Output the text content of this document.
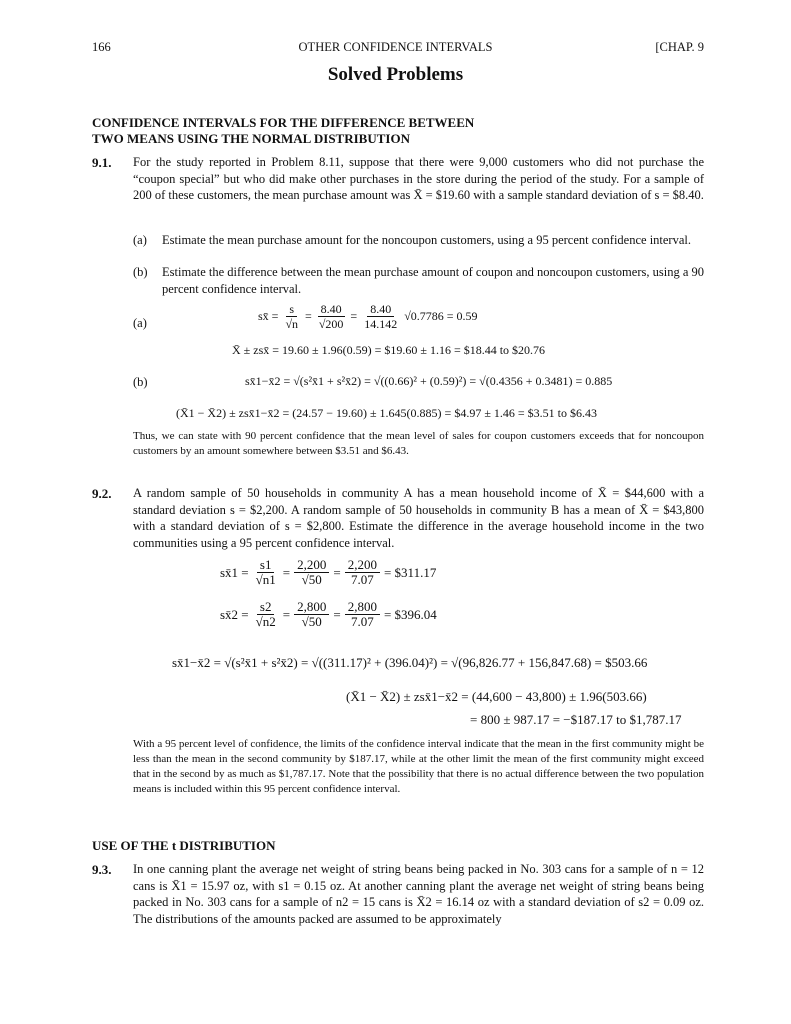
166	OTHER CONFIDENCE INTERVALS	[CHAP. 9
Solved Problems
CONFIDENCE INTERVALS FOR THE DIFFERENCE BETWEEN
TWO MEANS USING THE NORMAL DISTRIBUTION
9.1. For the study reported in Problem 8.11, suppose that there were 9,000 customers who did not purchase the “coupon special” but who did make other purchases in the store during the period of the study. For a sample of 200 of these customers, the mean purchase amount was X̄ = $19.60 with a sample standard deviation of s = $8.40.
(a) Estimate the mean purchase amount for the noncoupon customers, using a 95 percent confidence interval.
(b) Estimate the difference between the mean purchase amount of coupon and noncoupon customers, using a 90 percent confidence interval.
(a)	sx̄ = $\frac{s}{√n} = \frac{8.40}{√200} = \frac{8.40}{14.142} √0.7786 = 0.59$
X̄ ± zsx̄ = 19.60 ± 1.96(0.59) = $19.60 ± 1.16 = $18.44 to $20.76
(b)	sx̄1−x̄2 = √(s²x̄1 + s²x̄2) = √((0.66)² + (0.59)²) = √(0.4356 + 0.3481) = 0.885
(X̄1 − X̄2) ± zsx̄1−x̄2 = (24.57 − 19.60) ± 1.645(0.885) = $4.97 ± 1.46 = $3.51 to $6.43
Thus, we can state with 90 percent confidence that the mean level of sales for coupon customers exceeds that for noncoupon customers by an amount somewhere between $3.51 and $6.43.
9.2. A random sample of 50 households in community A has a mean household income of X̄ = $44,600 with a standard deviation s = $2,200. A random sample of 50 households in community B has a mean of X̄ = $43,800 with a standard deviation of s = $2,800. Estimate the difference in the average household income in the two communities using a 95 percent confidence interval.
sx̄1 = $\frac{s1}{√n1} = \frac{2,200}{√50} = \frac{2,200}{7.07}$ = $311.17
sx̄2 = $\frac{s2}{√n2} = \frac{2,800}{√50} = \frac{2,800}{7.07}$ = $396.04
sx̄1−x̄2 = √(s²x̄1 + s²x̄2) = √((311.17)² + (396.04)²) = √(96,826.77 + 156,847.68) = $503.66
(X̄1 − X̄2) ± zsx̄1−x̄2 = (44,600 − 43,800) ± 1.96(503.66)
= 800 ± 987.17 = −$187.17 to $1,787.17
With a 95 percent level of confidence, the limits of the confidence interval indicate that the mean in the first community might be less than the mean in the second community by $187.17, while at the other limit the mean of the first community might exceed that in the second by as much as $1,787.17. Note that the possibility that there is no actual difference between the two population means is included within this 95 percent confidence interval.
USE OF THE t DISTRIBUTION
9.3. In one canning plant the average net weight of string beans being packed in No. 303 cans for a sample of n = 12 cans is X̄1 = 15.97 oz, with s1 = 0.15 oz. At another canning plant the average net weight of string beans being packed in No. 303 cans for a sample of n2 = 15 cans is X̄2 = 16.14 oz with a standard deviation of s2 = 0.09 oz. The distributions of the amounts packed are assumed to be approximately
